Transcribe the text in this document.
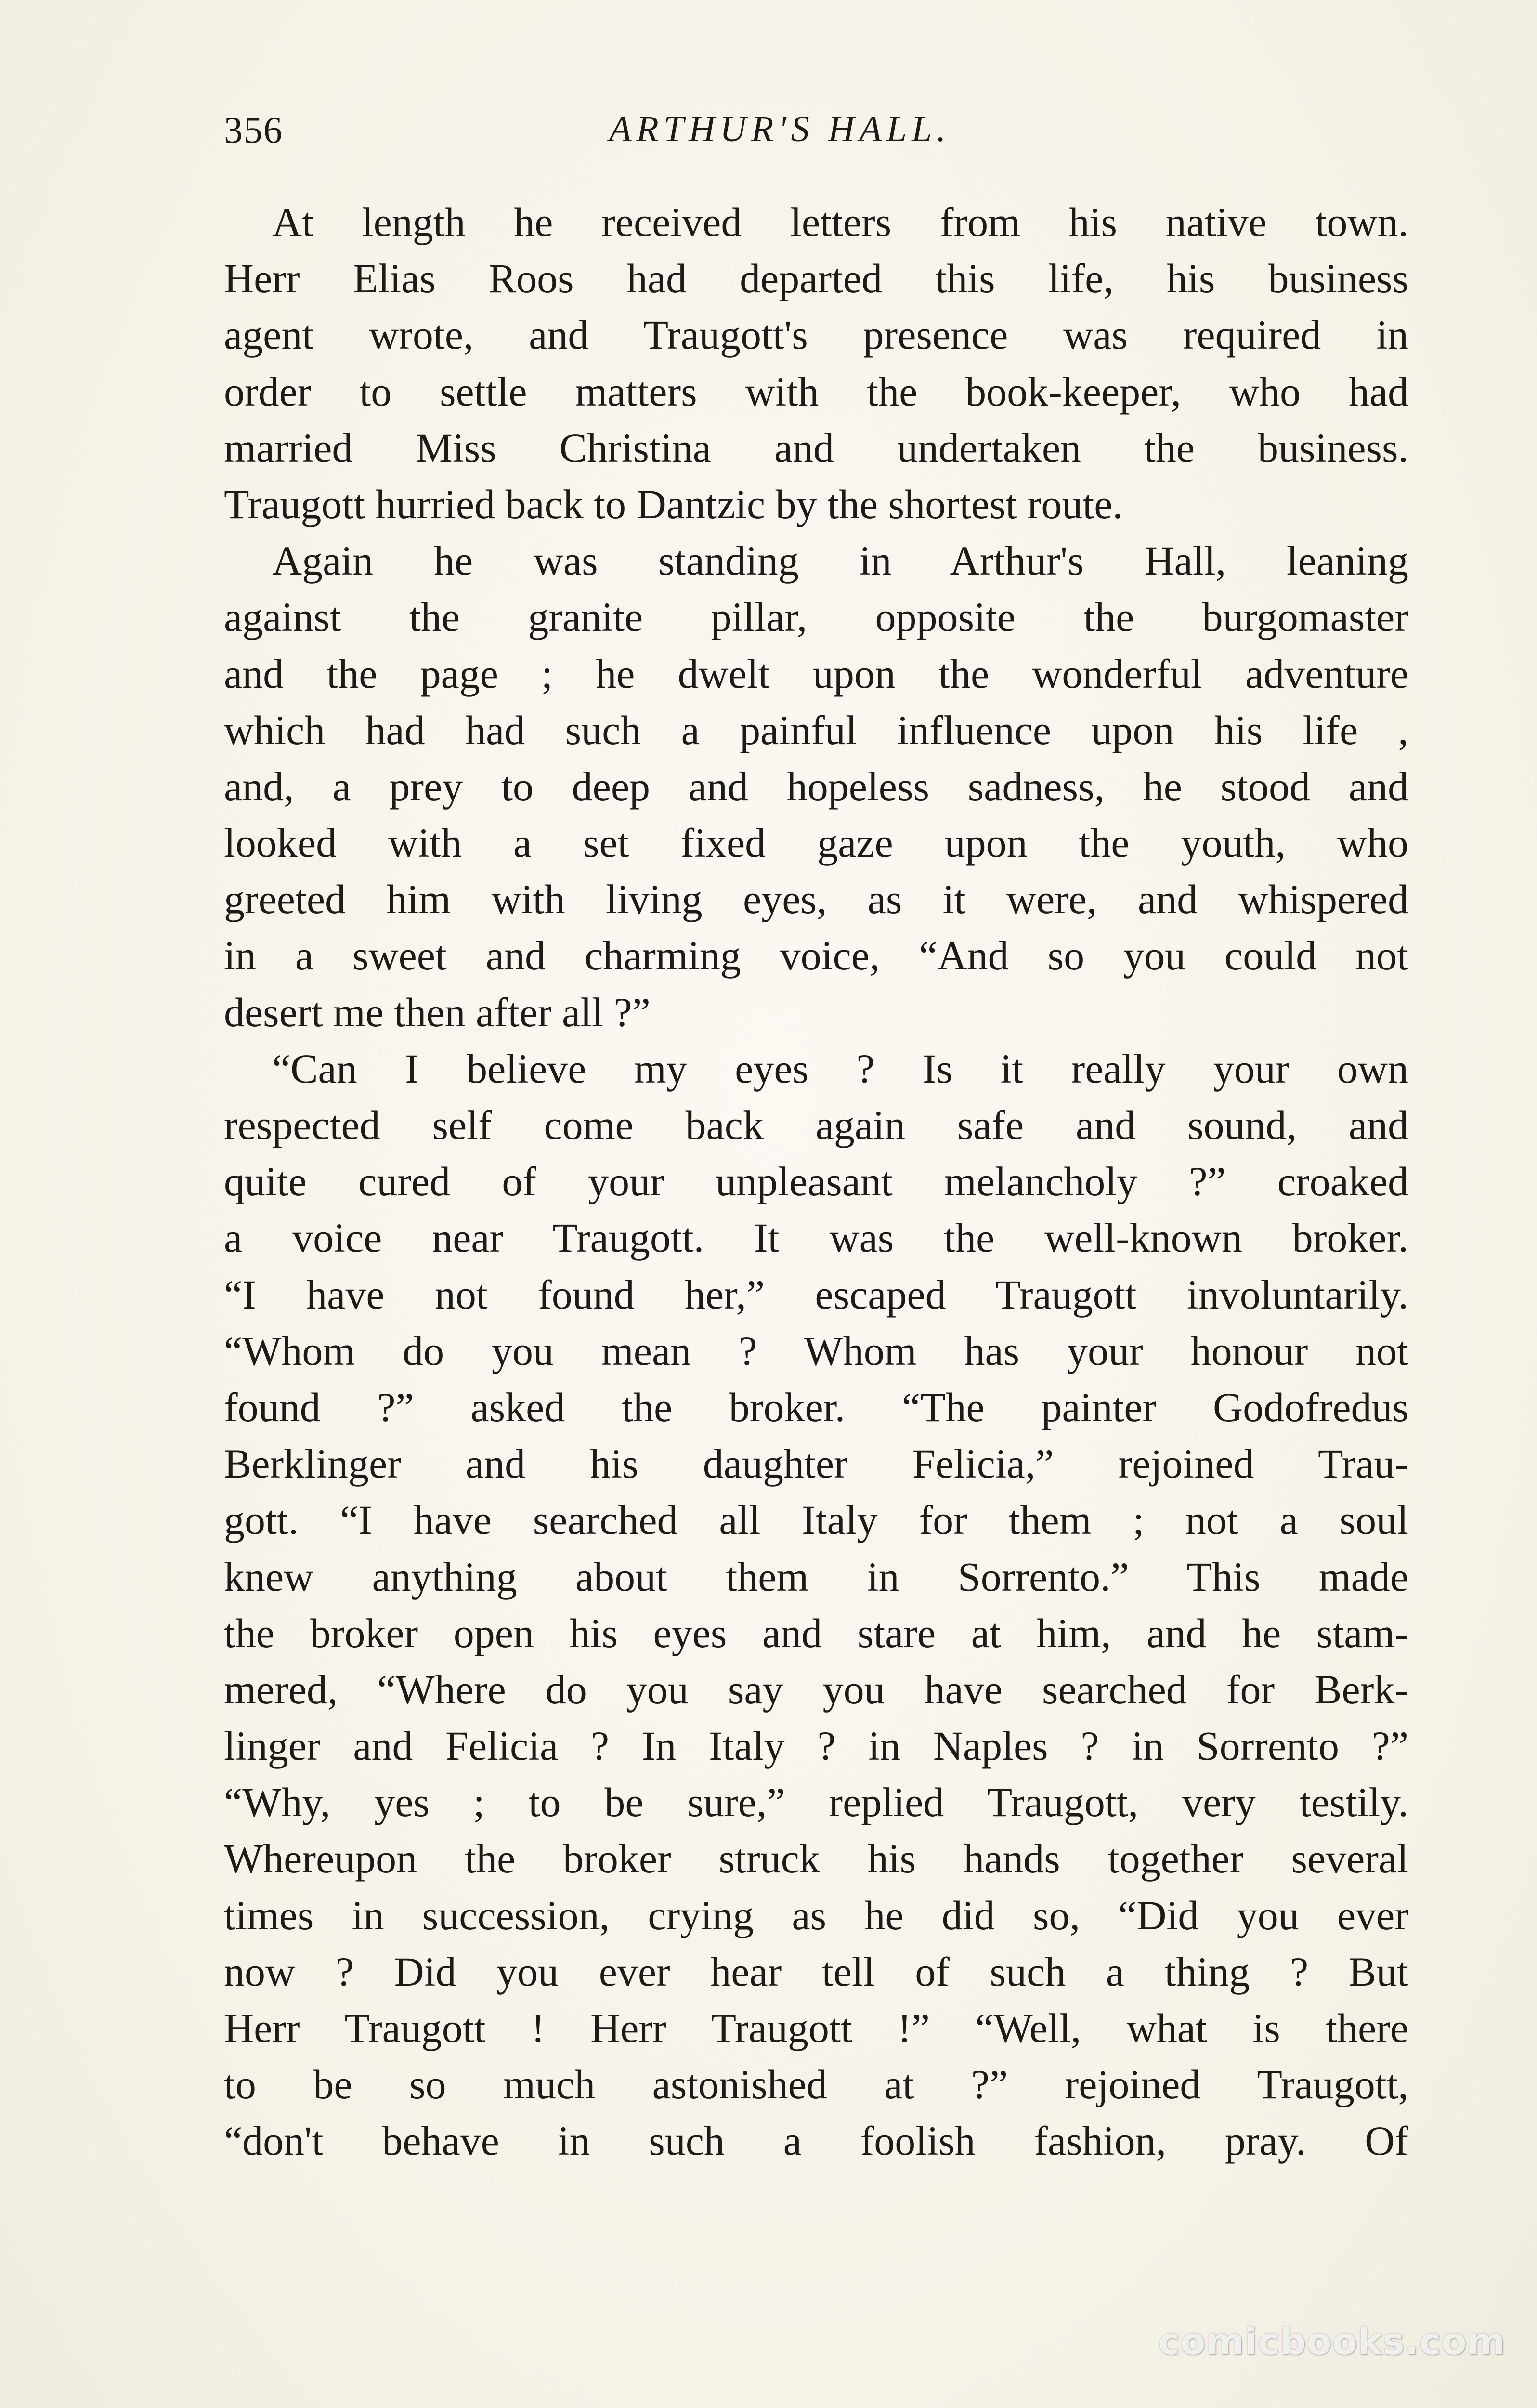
356	ARTHUR'S HALL.
At length he received letters from his native town.
Herr Elias Roos had departed this life, his business
agent wrote, and Traugott's presence was required in
order to settle matters with the book-keeper, who had
married Miss Christina and undertaken the business.
Traugott hurried back to Dantzic by the shortest route.
Again he was standing in Arthur's Hall, leaning
against the granite pillar, opposite the burgomaster
and the page ; he dwelt upon the wonderful adventure
which had had such a painful influence upon his life ,
and, a prey to deep and hopeless sadness, he stood and
looked with a set fixed gaze upon the youth, who
greeted him with living eyes, as it were, and whispered
in a sweet and charming voice, “And so you could not
desert me then after all ?”
“Can I believe my eyes ? Is it really your own
respected self come back again safe and sound, and
quite cured of your unpleasant melancholy ?” croaked
a voice near Traugott. It was the well-known broker.
“I have not found her,” escaped Traugott involuntarily.
“Whom do you mean ? Whom has your honour not
found ?” asked the broker. “The painter Godofredus
Berklinger and his daughter Felicia,” rejoined Trau-
gott. “I have searched all Italy for them ; not a soul
knew anything about them in Sorrento.” This made
the broker open his eyes and stare at him, and he stam-
mered, “Where do you say you have searched for Berk-
linger and Felicia ? In Italy ? in Naples ? in Sorrento ?”
“Why, yes ; to be sure,” replied Traugott, very testily.
Whereupon the broker struck his hands together several
times in succession, crying as he did so, “Did you ever
now ? Did you ever hear tell of such a thing ? But
Herr Traugott ! Herr Traugott !” “Well, what is there
to be so much astonished at ?” rejoined Traugott,
“don't behave in such a foolish fashion, pray. Of
comicbooks.com
